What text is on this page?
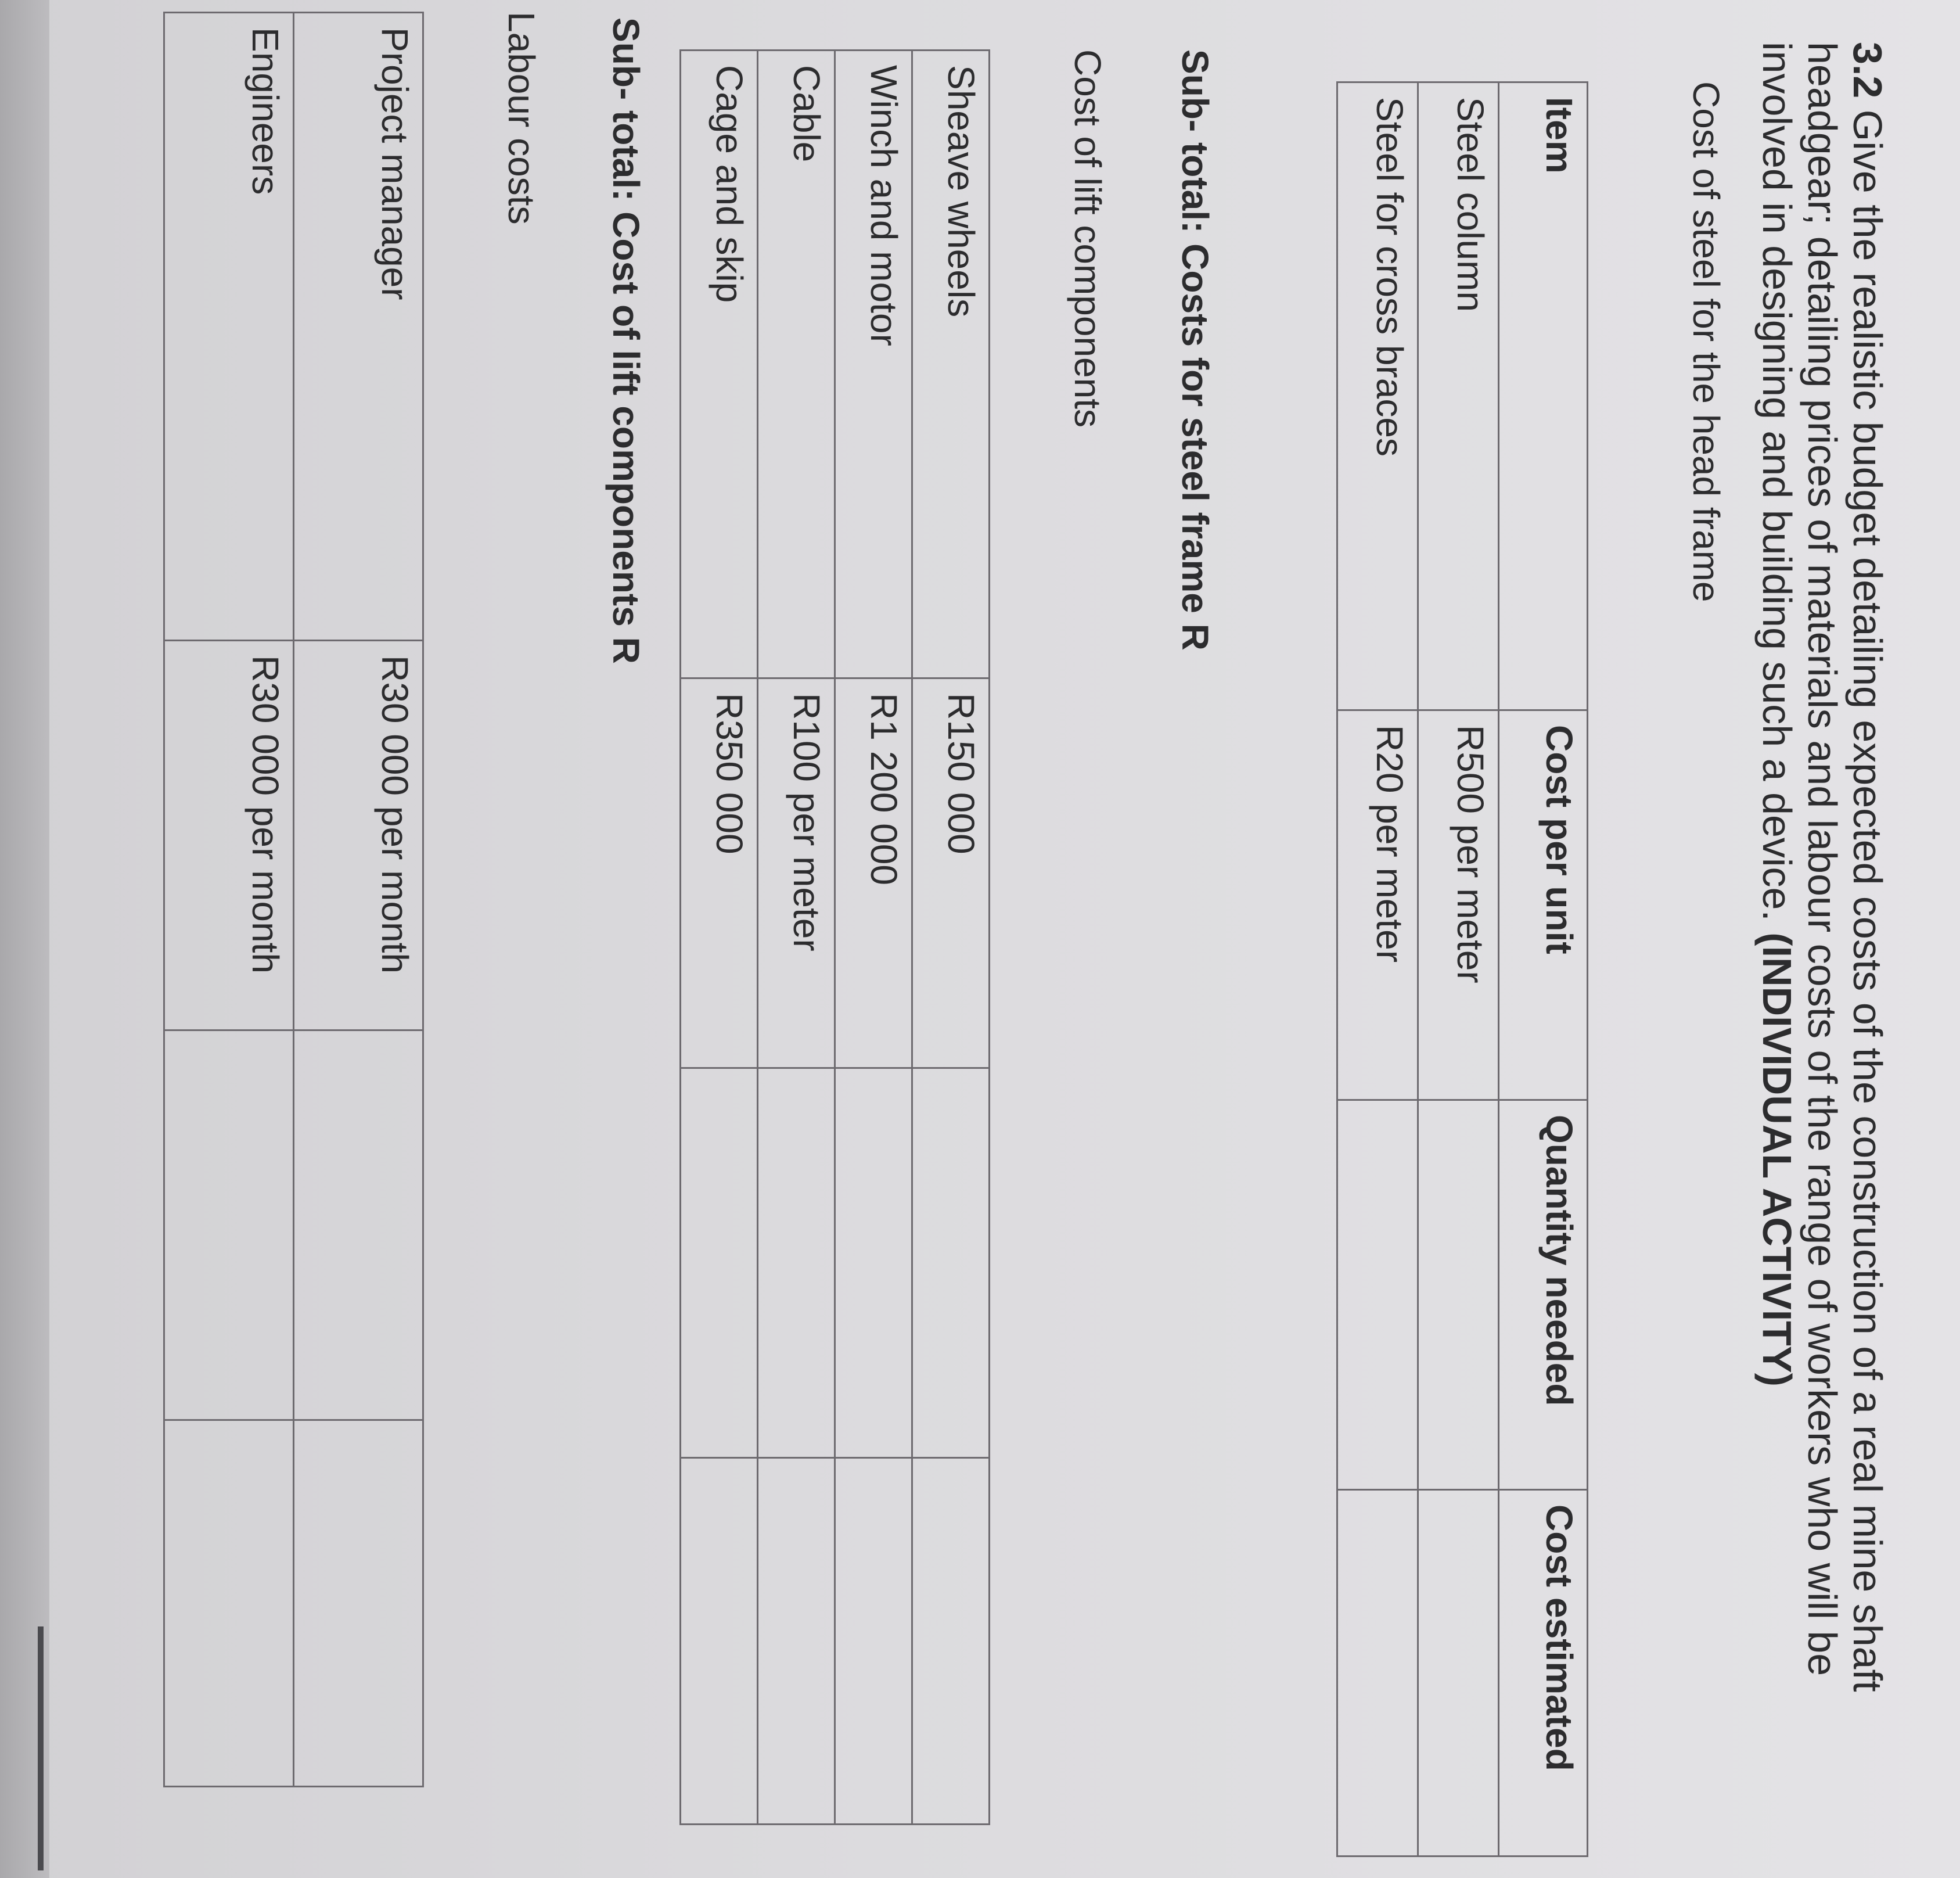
3.2 Give the realistic budget detailing expected costs of the construction of a real mine shaft headgear; detailing prices of materials and labour costs of the range of workers who will be involved in designing and building such a device. (INDIVIDUAL ACTIVITY)

Cost of steel for the head frame

Item	Cost per unit	Quantity needed	Cost estimated
Steel column	R500 per meter		
Steel for cross braces	R20 per meter		

Sub- total: Costs for steel frame R

Cost of lift components

Sheave wheels	R150 000		
Winch and motor	R1 200 000		
Cable	R100 per meter		
Cage and skip	R350 000		

Sub- total: Cost of lift components R

Labour costs

Project manager	R30 000 per month		
Engineers	R30 000 per month		
